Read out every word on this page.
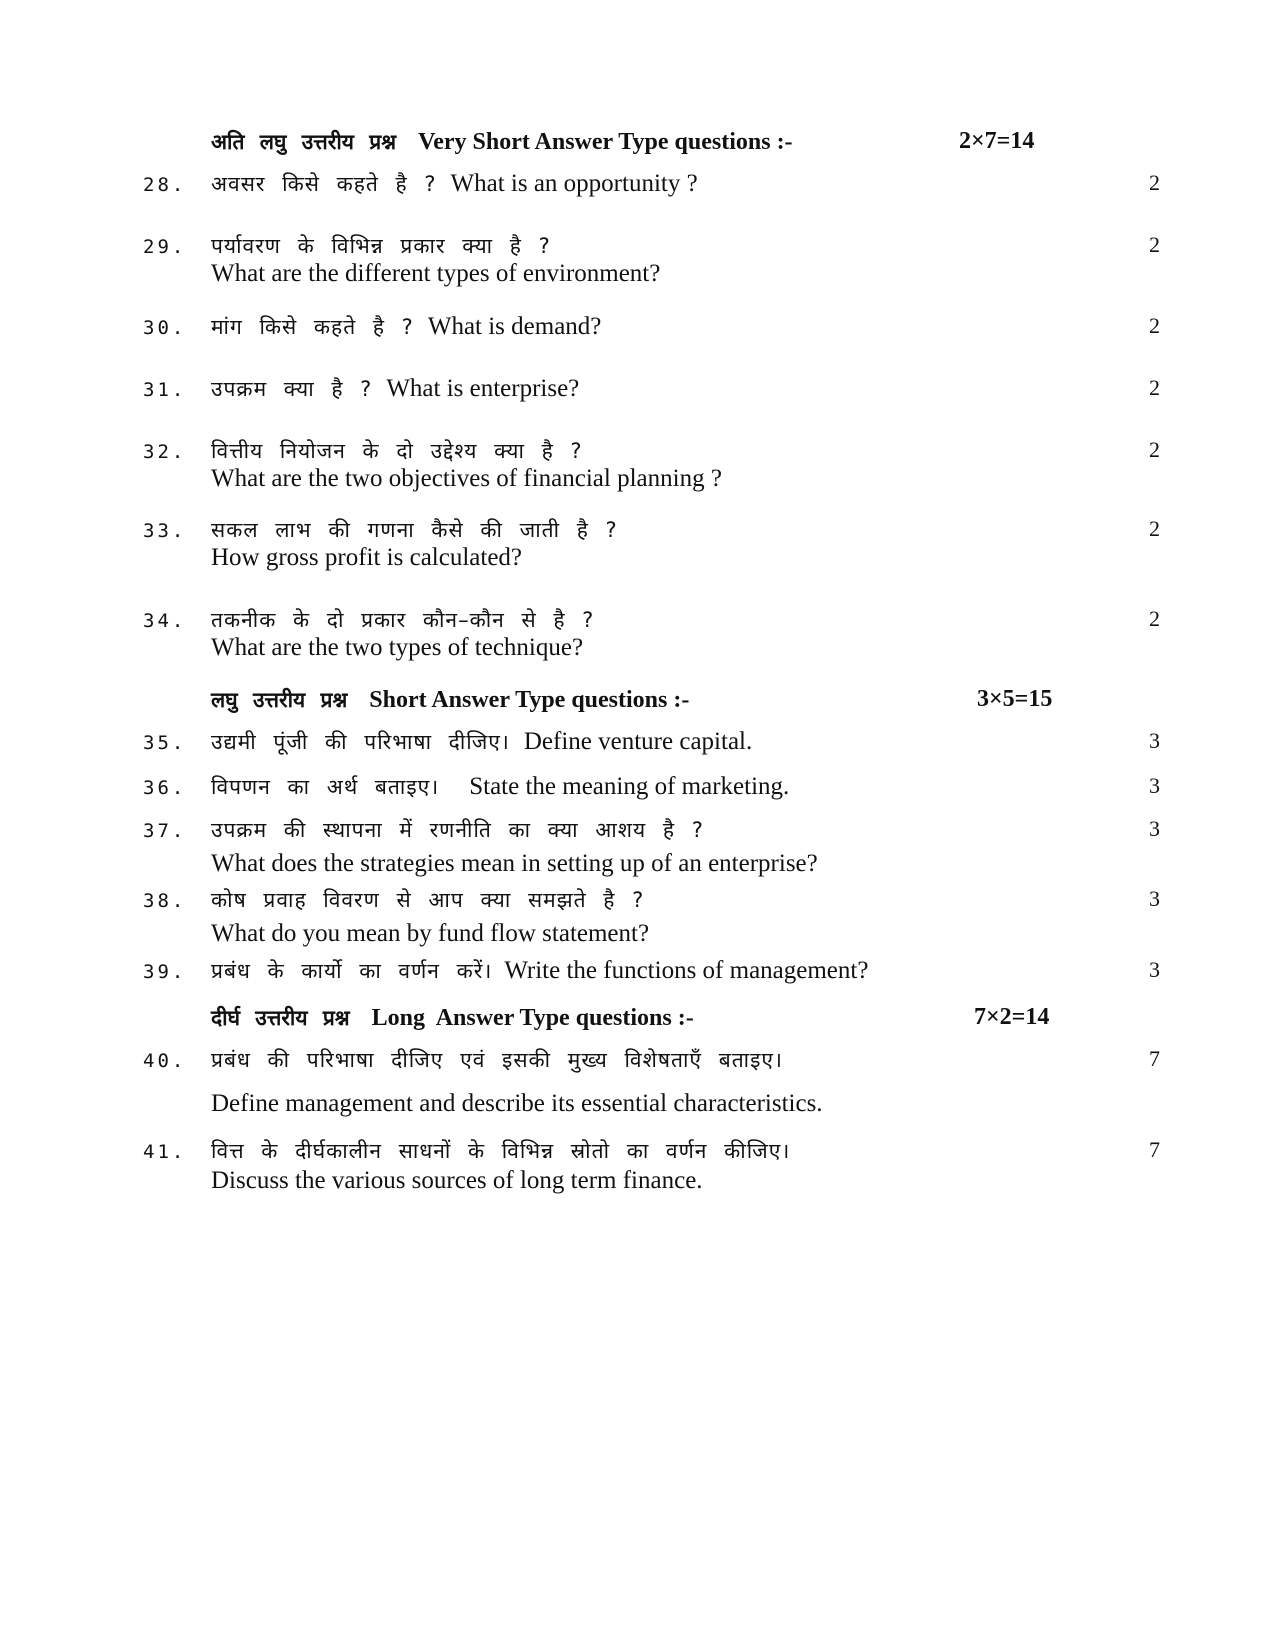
अति लघु उत्तरीय प्रश्न Very Short Answer Type questions :-	2×7=14
28. अवसर किसे कहते है ? What is an opportunity ?	2
29. पर्यावरण के विभिन्न प्रकार क्या है ?
What are the different types of environment?
2
30. मांग किसे कहते है ? What is demand?	2
31. उपक्रम क्या है ? What is enterprise?	2
32. वित्तीय नियोजन के दो उद्देश्य क्या है ?
What are the two objectives of financial planning ?
2
33. सकल लाभ की गणना कैसे की जाती है ?
How gross profit is calculated?
2
34. तकनीक के दो प्रकार कौन–कौन से है ?
What are the two types of technique?
2
लघु उत्तरीय प्रश्न Short Answer Type questions :-	3×5=15
35. उद्यमी पूंजी की परिभाषा दीजिए। Define venture capital.	3
36. विपणन का अर्थ बताइए। State the meaning of marketing.	3
37. उपक्रम की स्थापना में रणनीति का क्या आशय है ?
What does the strategies mean in setting up of an enterprise?
3
38. कोष प्रवाह विवरण से आप क्या समझते है ?
What do you mean by fund flow statement?
3
39. प्रबंध के कार्यो का वर्णन करें। Write the functions of management?	3
दीर्घ उत्तरीय प्रश्न Long  Answer Type questions :-	7×2=14
40. प्रबंध की परिभाषा दीजिए एवं इसकी मुख्य विशेषताएँ बताइए।
Define management and describe its essential characteristics.
7
41. वित्त के दीर्घकालीन साधनों के विभिन्न स्रोतो का वर्णन कीजिए।
Discuss the various sources of long term finance.
7
